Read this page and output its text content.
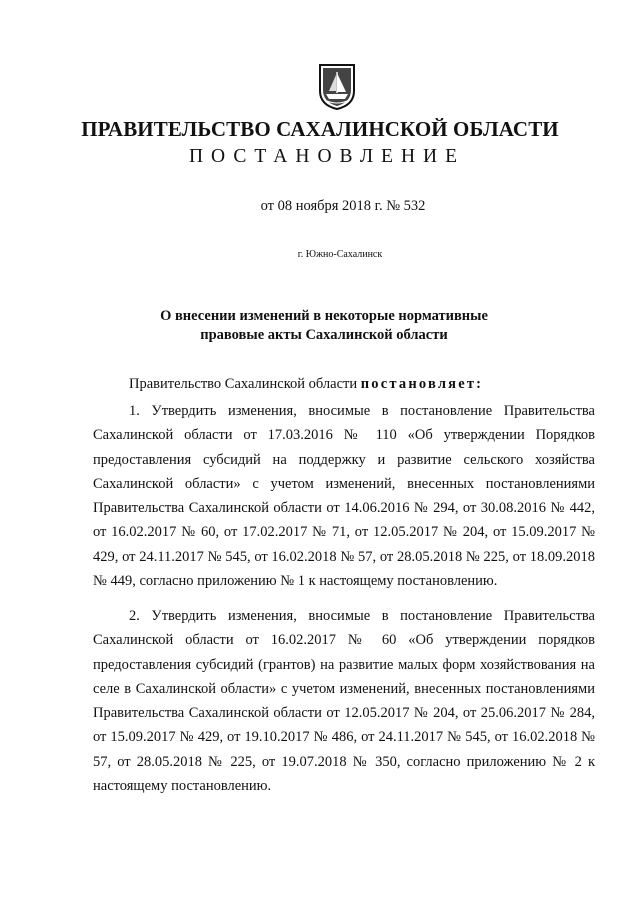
ПРАВИТЕЛЬСТВО САХАЛИНСКОЙ ОБЛАСТИ
ПОСТАНОВЛЕНИЕ
от 08 ноября 2018 г. № 532
г. Южно-Сахалинск
О внесении изменений в некоторые нормативные
правовые акты Сахалинской области
Правительство Сахалинской области постановляет:

1. Утвердить изменения, вносимые в постановление Правительства Сахалинской области от 17.03.2016 № 110 «Об утверждении Порядков предоставления субсидий на поддержку и развитие сельского хозяйства Сахалинской области» с учетом изменений, внесенных постановлениями Правительства Сахалинской области от 14.06.2016 № 294, от 30.08.2016 № 442, от 16.02.2017 № 60, от 17.02.2017 № 71, от 12.05.2017 № 204, от 15.09.2017 № 429, от 24.11.2017 № 545, от 16.02.2018 № 57, от 28.05.2018 № 225, от 18.09.2018 № 449, согласно приложению № 1 к настоящему постановлению.

2. Утвердить изменения, вносимые в постановление Правительства Сахалинской области от 16.02.2017 № 60 «Об утверждении порядков предоставления субсидий (грантов) на развитие малых форм хозяйствования на селе в Сахалинской области» с учетом изменений, внесенных постановлениями Правительства Сахалинской области от 12.05.2017 № 204, от 25.06.2017 № 284, от 15.09.2017 № 429, от 19.10.2017 № 486, от 24.11.2017 № 545, от 16.02.2018 № 57, от 28.05.2018 № 225, от 19.07.2018 № 350, согласно приложению № 2 к настоящему постановлению.
